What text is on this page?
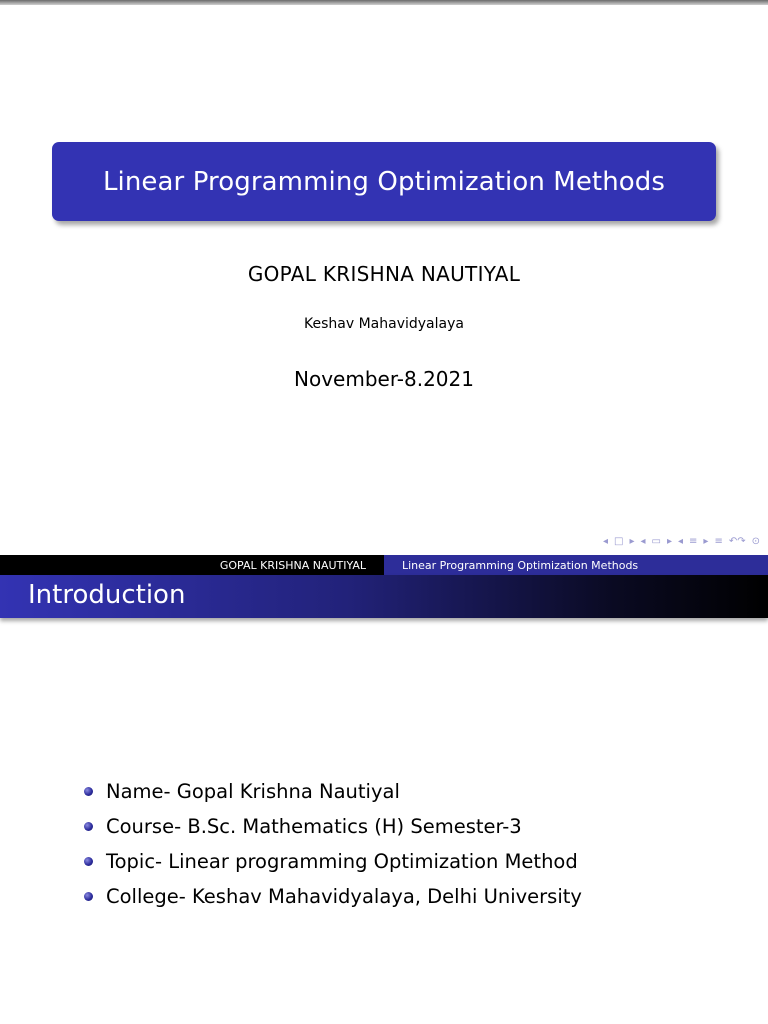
Linear Programming Optimization Methods
GOPAL KRISHNA NAUTIYAL
Keshav Mahavidyalaya
November-8.2021
◂ □ ▸ ◂ ▭ ▸ ◂ ≡ ▸ ≡ ↶↷ ⊙
GOPAL KRISHNA NAUTIYAL	Linear Programming Optimization Methods
Introduction
Name- Gopal Krishna Nautiyal
Course- B.Sc. Mathematics (H) Semester-3
Topic- Linear programming Optimization Method
College- Keshav Mahavidyalaya, Delhi University
